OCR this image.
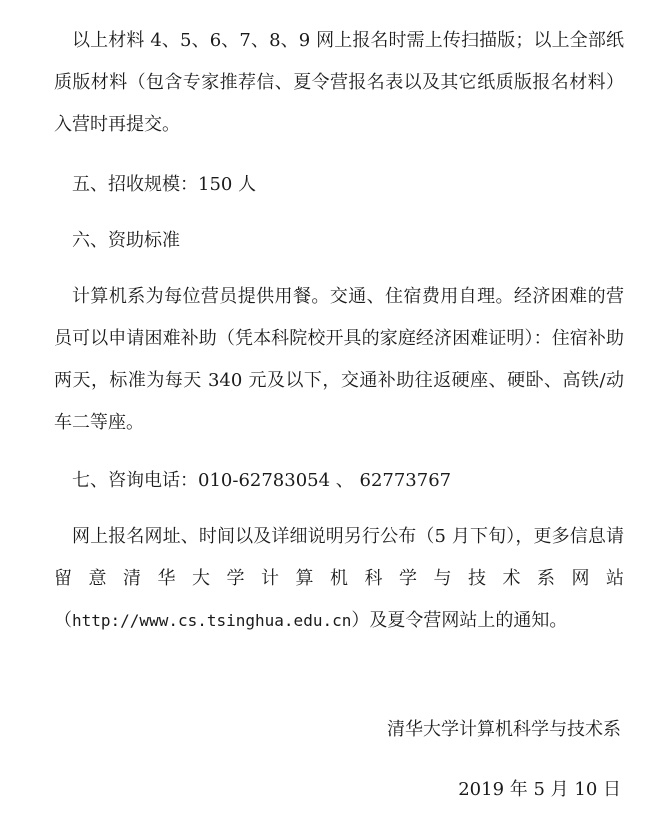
以上材料 4、5、6、7、8、9 网上报名时需上传扫描版；以上全部纸质版材料（包含专家推荐信、夏令营报名表以及其它纸质版报名材料）入营时再提交。

五、招收规模：150 人

六、资助标准

计算机系为每位营员提供用餐。交通、住宿费用自理。经济困难的营员可以申请困难补助（凭本科院校开具的家庭经济困难证明）：住宿补助两天，标准为每天 340 元及以下，交通补助往返硬座、硬卧、高铁/动车二等座。

七、咨询电话：010-62783054 、 62773767

网上报名网址、时间以及详细说明另行公布（5 月下旬），更多信息请留意清华大学计算机科学与技术系网站（http://www.cs.tsinghua.edu.cn）及夏令营网站上的通知。

清华大学计算机科学与技术系

2019 年 5 月 10 日
